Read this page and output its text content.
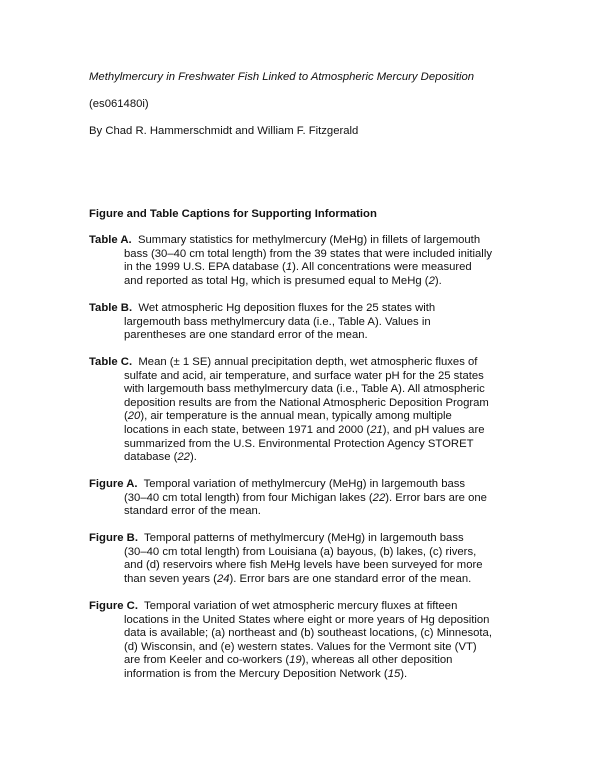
Methylmercury in Freshwater Fish Linked to Atmospheric Mercury Deposition
(es061480i)
By Chad R. Hammerschmidt and William F. Fitzgerald
Figure and Table Captions for Supporting Information
Table A. Summary statistics for methylmercury (MeHg) in fillets of largemouth
bass (30–40 cm total length) from the 39 states that were included initially
in the 1999 U.S. EPA database (1). All concentrations were measured
and reported as total Hg, which is presumed equal to MeHg (2).
Table B. Wet atmospheric Hg deposition fluxes for the 25 states with
largemouth bass methylmercury data (i.e., Table A). Values in
parentheses are one standard error of the mean.
Table C. Mean (± 1 SE) annual precipitation depth, wet atmospheric fluxes of
sulfate and acid, air temperature, and surface water pH for the 25 states
with largemouth bass methylmercury data (i.e., Table A). All atmospheric
deposition results are from the National Atmospheric Deposition Program
(20), air temperature is the annual mean, typically among multiple
locations in each state, between 1971 and 2000 (21), and pH values are
summarized from the U.S. Environmental Protection Agency STORET
database (22).
Figure A. Temporal variation of methylmercury (MeHg) in largemouth bass
(30–40 cm total length) from four Michigan lakes (22). Error bars are one
standard error of the mean.
Figure B. Temporal patterns of methylmercury (MeHg) in largemouth bass
(30–40 cm total length) from Louisiana (a) bayous, (b) lakes, (c) rivers,
and (d) reservoirs where fish MeHg levels have been surveyed for more
than seven years (24). Error bars are one standard error of the mean.
Figure C. Temporal variation of wet atmospheric mercury fluxes at fifteen
locations in the United States where eight or more years of Hg deposition
data is available; (a) northeast and (b) southeast locations, (c) Minnesota,
(d) Wisconsin, and (e) western states. Values for the Vermont site (VT)
are from Keeler and co-workers (19), whereas all other deposition
information is from the Mercury Deposition Network (15).
